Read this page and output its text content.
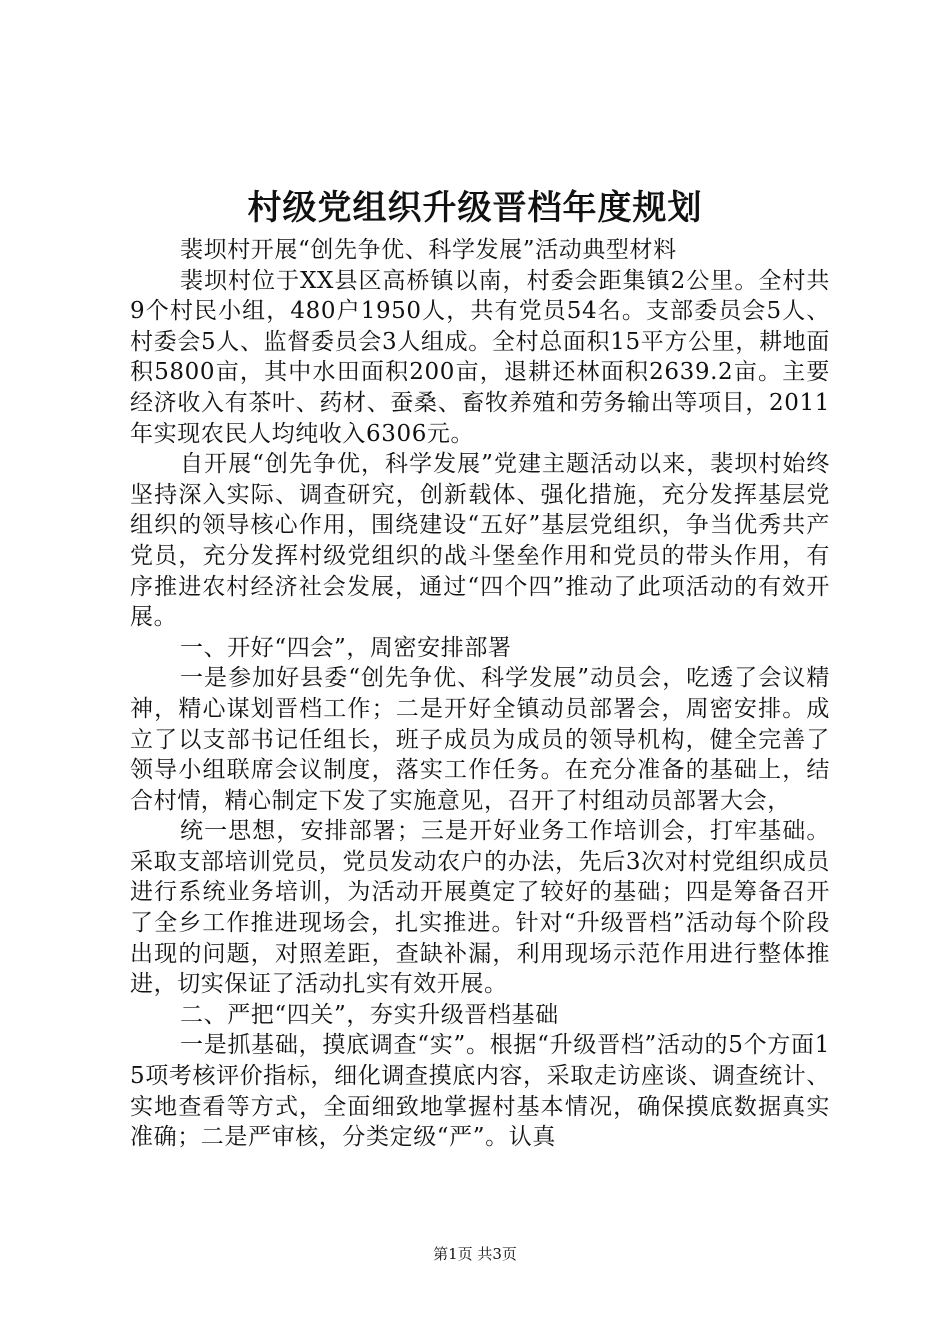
村级党组织升级晋档年度规划

裴坝村开展“创先争优、科学发展”活动典型材料

裴坝村位于XX县区高桥镇以南，村委会距集镇2公里。全村共9个村民小组，480户1950人，共有党员54名。支部委员会5人、村委会5人、监督委员会3人组成。全村总面积15平方公里，耕地面积5800亩，其中水田面积200亩，退耕还林面积2639.2亩。主要经济收入有茶叶、药材、蚕桑、畜牧养殖和劳务输出等项目，2011年实现农民人均纯收入6306元。

自开展“创先争优，科学发展”党建主题活动以来，裴坝村始终坚持深入实际、调查研究，创新载体、强化措施，充分发挥基层党组织的领导核心作用，围绕建设“五好”基层党组织，争当优秀共产党员，充分发挥村级党组织的战斗堡垒作用和党员的带头作用，有序推进农村经济社会发展，通过“四个四”推动了此项活动的有效开展。

一、开好“四会”，周密安排部署

一是参加好县委“创先争优、科学发展”动员会，吃透了会议精神，精心谋划晋档工作；二是开好全镇动员部署会，周密安排。成立了以支部书记任组长，班子成员为成员的领导机构，健全完善了领导小组联席会议制度，落实工作任务。在充分准备的基础上，结合村情，精心制定下发了实施意见，召开了村组动员部署大会，

统一思想，安排部署；三是开好业务工作培训会，打牢基础。采取支部培训党员，党员发动农户的办法，先后3次对村党组织成员进行系统业务培训，为活动开展奠定了较好的基础；四是筹备召开了全乡工作推进现场会，扎实推进。针对“升级晋档”活动每个阶段出现的问题，对照差距，查缺补漏，利用现场示范作用进行整体推进，切实保证了活动扎实有效开展。

二、严把“四关”，夯实升级晋档基础

一是抓基础，摸底调查“实”。根据“升级晋档”活动的5个方面15项考核评价指标，细化调查摸底内容，采取走访座谈、调查统计、实地查看等方式，全面细致地掌握村基本情况，确保摸底数据真实准确；二是严审核，分类定级“严”。认真

第1页 共3页
